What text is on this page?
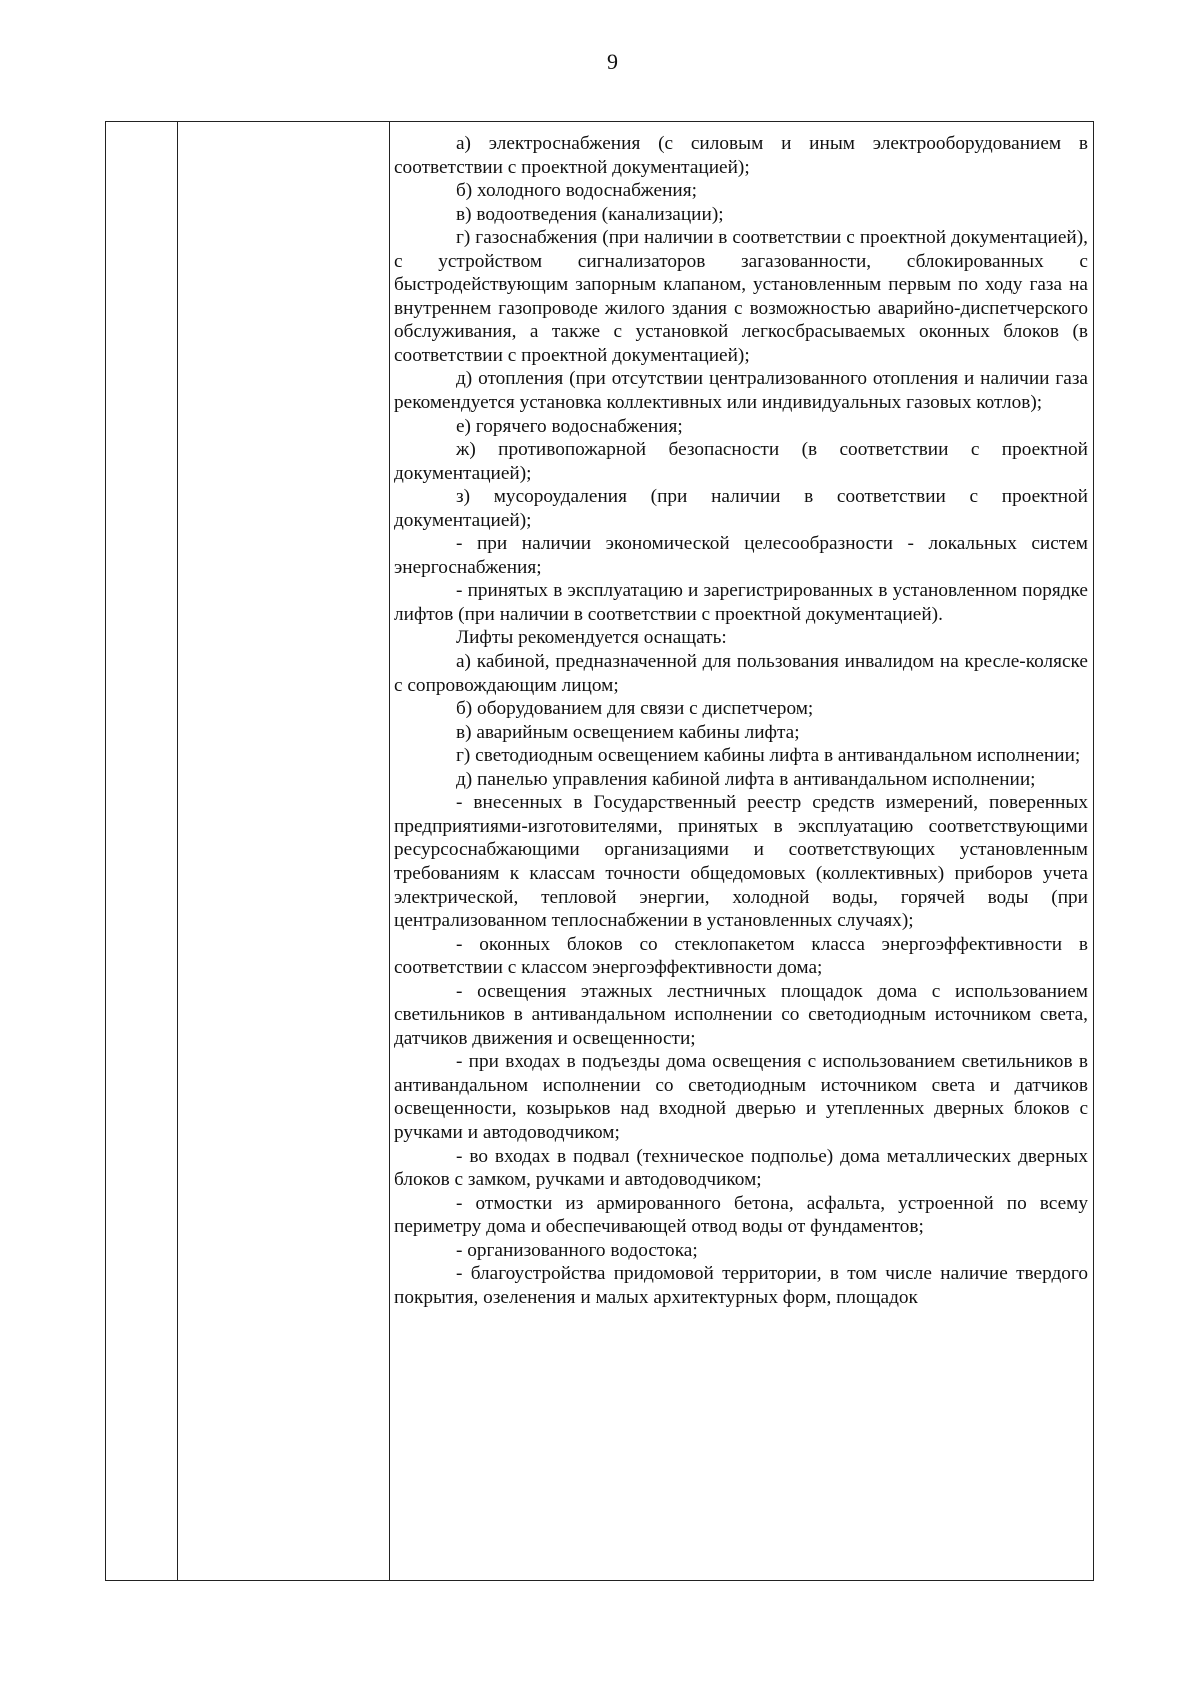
9

а) электроснабжения (с силовым и иным электрооборудованием в соответствии с проектной документацией);

б) холодного водоснабжения;

в) водоотведения (канализации);

г) газоснабжения (при наличии в соответствии с проектной документацией), с устройством сигнализаторов загазованности, сблокированных с быстродействующим запорным клапаном, установленным первым по ходу газа на внутреннем газопроводе жилого здания с возможностью аварийно-диспетчерского обслуживания, а также с установкой легкосбрасываемых оконных блоков (в соответствии с проектной документацией);

д) отопления (при отсутствии централизованного отопления и наличии газа рекомендуется установка коллективных или индивидуальных газовых котлов);

е) горячего водоснабжения;

ж) противопожарной безопасности (в соответствии с проектной документацией);

з) мусороудаления (при наличии в соответствии с проектной документацией);

- при наличии экономической целесообразности - локальных систем энергоснабжения;

- принятых в эксплуатацию и зарегистрированных в установленном порядке лифтов (при наличии в соответствии с проектной документацией).

Лифты рекомендуется оснащать:

а) кабиной, предназначенной для пользования инвалидом на кресле-коляске с сопровождающим лицом;

б) оборудованием для связи с диспетчером;

в) аварийным освещением кабины лифта;

г) светодиодным освещением кабины лифта в антивандальном исполнении;

д) панелью управления кабиной лифта в антивандальном исполнении;

- внесенных в Государственный реестр средств измерений, поверенных предприятиями-изготовителями, принятых в эксплуатацию соответствующими ресурсоснабжающими организациями и соответствующих установленным требованиям к классам точности общедомовых (коллективных) приборов учета электрической, тепловой энергии, холодной воды, горячей воды (при централизованном теплоснабжении в установленных случаях);

- оконных блоков со стеклопакетом класса энергоэффективности в соответствии с классом энергоэффективности дома;

- освещения этажных лестничных площадок дома с использованием светильников в антивандальном исполнении со светодиодным источником света, датчиков движения и освещенности;

- при входах в подъезды дома освещения с использованием светильников в антивандальном исполнении со светодиодным источником света и датчиков освещенности, козырьков над входной дверью и утепленных дверных блоков с ручками и автодоводчиком;

- во входах в подвал (техническое подполье) дома металлических дверных блоков с замком, ручками и автодоводчиком;

- отмостки из армированного бетона, асфальта, устроенной по всему периметру дома и обеспечивающей отвод воды от фундаментов;

- организованного водостока;

- благоустройства придомовой территории, в том числе наличие твердого покрытия, озеленения и малых архитектурных форм, площадок
